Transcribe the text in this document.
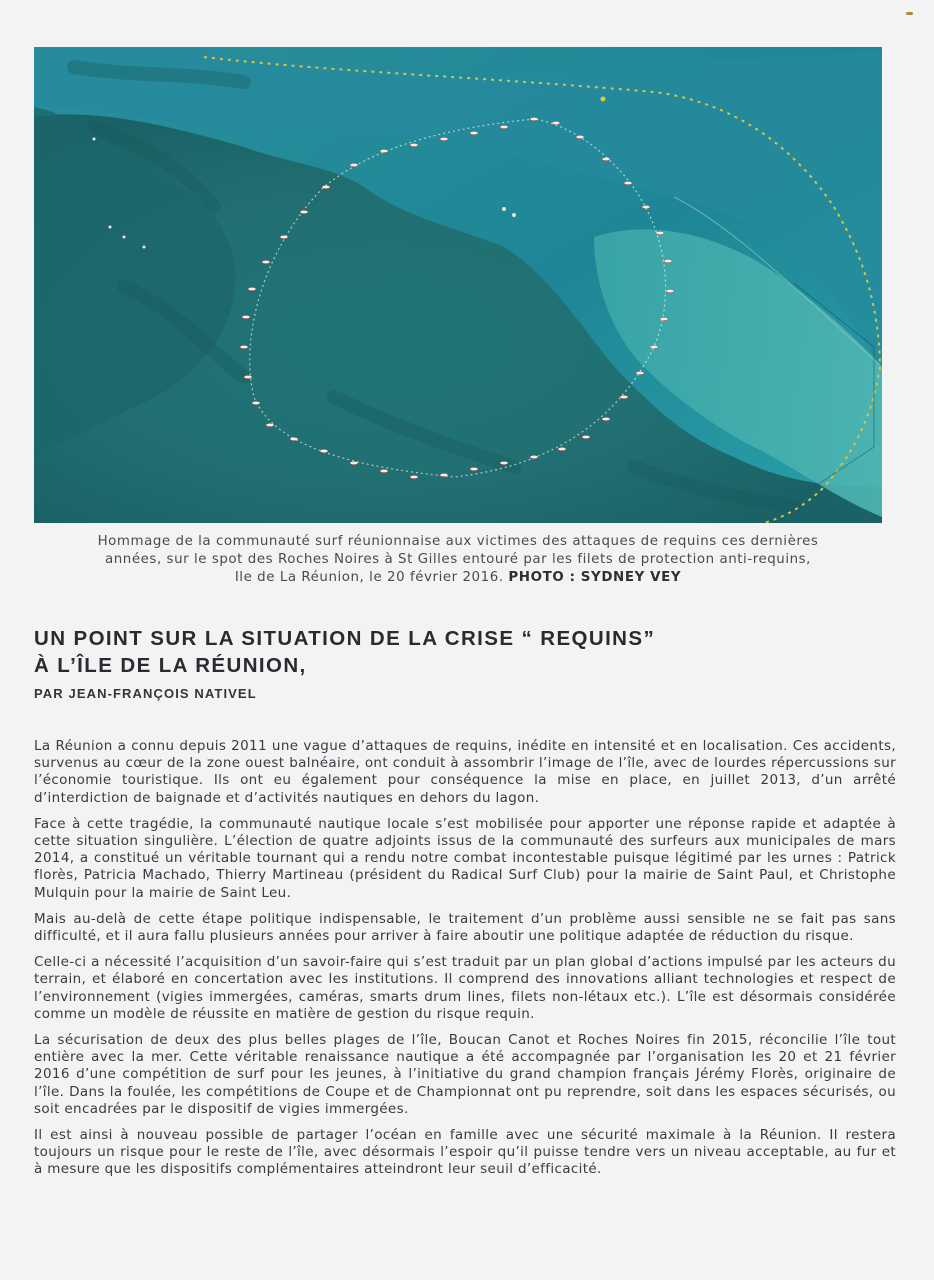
Hommage de la communauté surf réunionnaise aux victimes des attaques de requins ces dernières
années, sur le spot des Roches Noires à St Gilles entouré par les filets de protection anti-requins,
Ile de La Réunion, le 20 février 2016. PHOTO : SYDNEY VEY
UN POINT SUR LA SITUATION DE LA CRISE “ REQUINS”
À L’ÎLE DE LA RÉUNION,
PAR JEAN-FRANÇOIS NATIVEL

La Réunion a connu depuis 2011 une vague d’attaques de requins, inédite en intensité et en localisation. Ces accidents, survenus au cœur de la zone ouest balnéaire, ont conduit à assombrir l’image de l’île, avec de lourdes répercussions sur l’économie touristique. Ils ont eu également pour conséquence la mise en place, en juillet 2013, d’un arrêté d’interdiction de baignade et d’activités nautiques en dehors du lagon.

Face à cette tragédie, la communauté nautique locale s’est mobilisée pour apporter une réponse rapide et adaptée à cette situation singulière. L’élection de quatre adjoints issus de la communauté des surfeurs aux municipales de mars 2014, a constitué un véritable tournant qui a rendu notre combat incontestable puisque légitimé par les urnes : Patrick florès, Patricia Machado, Thierry Martineau (président du Radical Surf Club) pour la mairie de Saint Paul, et Christophe Mulquin pour la mairie de Saint Leu.

Mais au-delà de cette étape politique indispensable, le traitement d’un problème aussi sensible ne se fait pas sans difficulté, et il aura fallu plusieurs années pour arriver à faire aboutir une politique adaptée de réduction du risque.

Celle-ci a nécessité l’acquisition d’un savoir-faire qui s’est traduit par un plan global d’actions impulsé par les acteurs du terrain, et élaboré en concertation avec les institutions. Il comprend des innovations alliant technologies et respect de l’environnement (vigies immergées, caméras, smarts drum lines, filets non-létaux etc.). L’île est désormais considérée comme un modèle de réussite en matière de gestion du risque requin.

La sécurisation de deux des plus belles plages de l’île, Boucan Canot et Roches Noires fin 2015, réconcilie l’île tout entière avec la mer. Cette véritable renaissance nautique a été accompagnée par l’organisation les 20 et 21 février 2016 d’une compétition de surf pour les jeunes, à l’initiative du grand champion français Jérémy Florès, originaire de l’île. Dans la foulée, les compétitions de Coupe et de Championnat ont pu reprendre, soit dans les espaces sécurisés, ou soit encadrées par le dispositif de vigies immergées.

Il est ainsi à nouveau possible de partager l’océan en famille avec une sécurité maximale à la Réunion. Il restera toujours un risque pour le reste de l’île, avec désormais l’espoir qu’il puisse tendre vers un niveau acceptable, au fur et à mesure que les dispositifs complémentaires atteindront leur seuil d’efficacité.
